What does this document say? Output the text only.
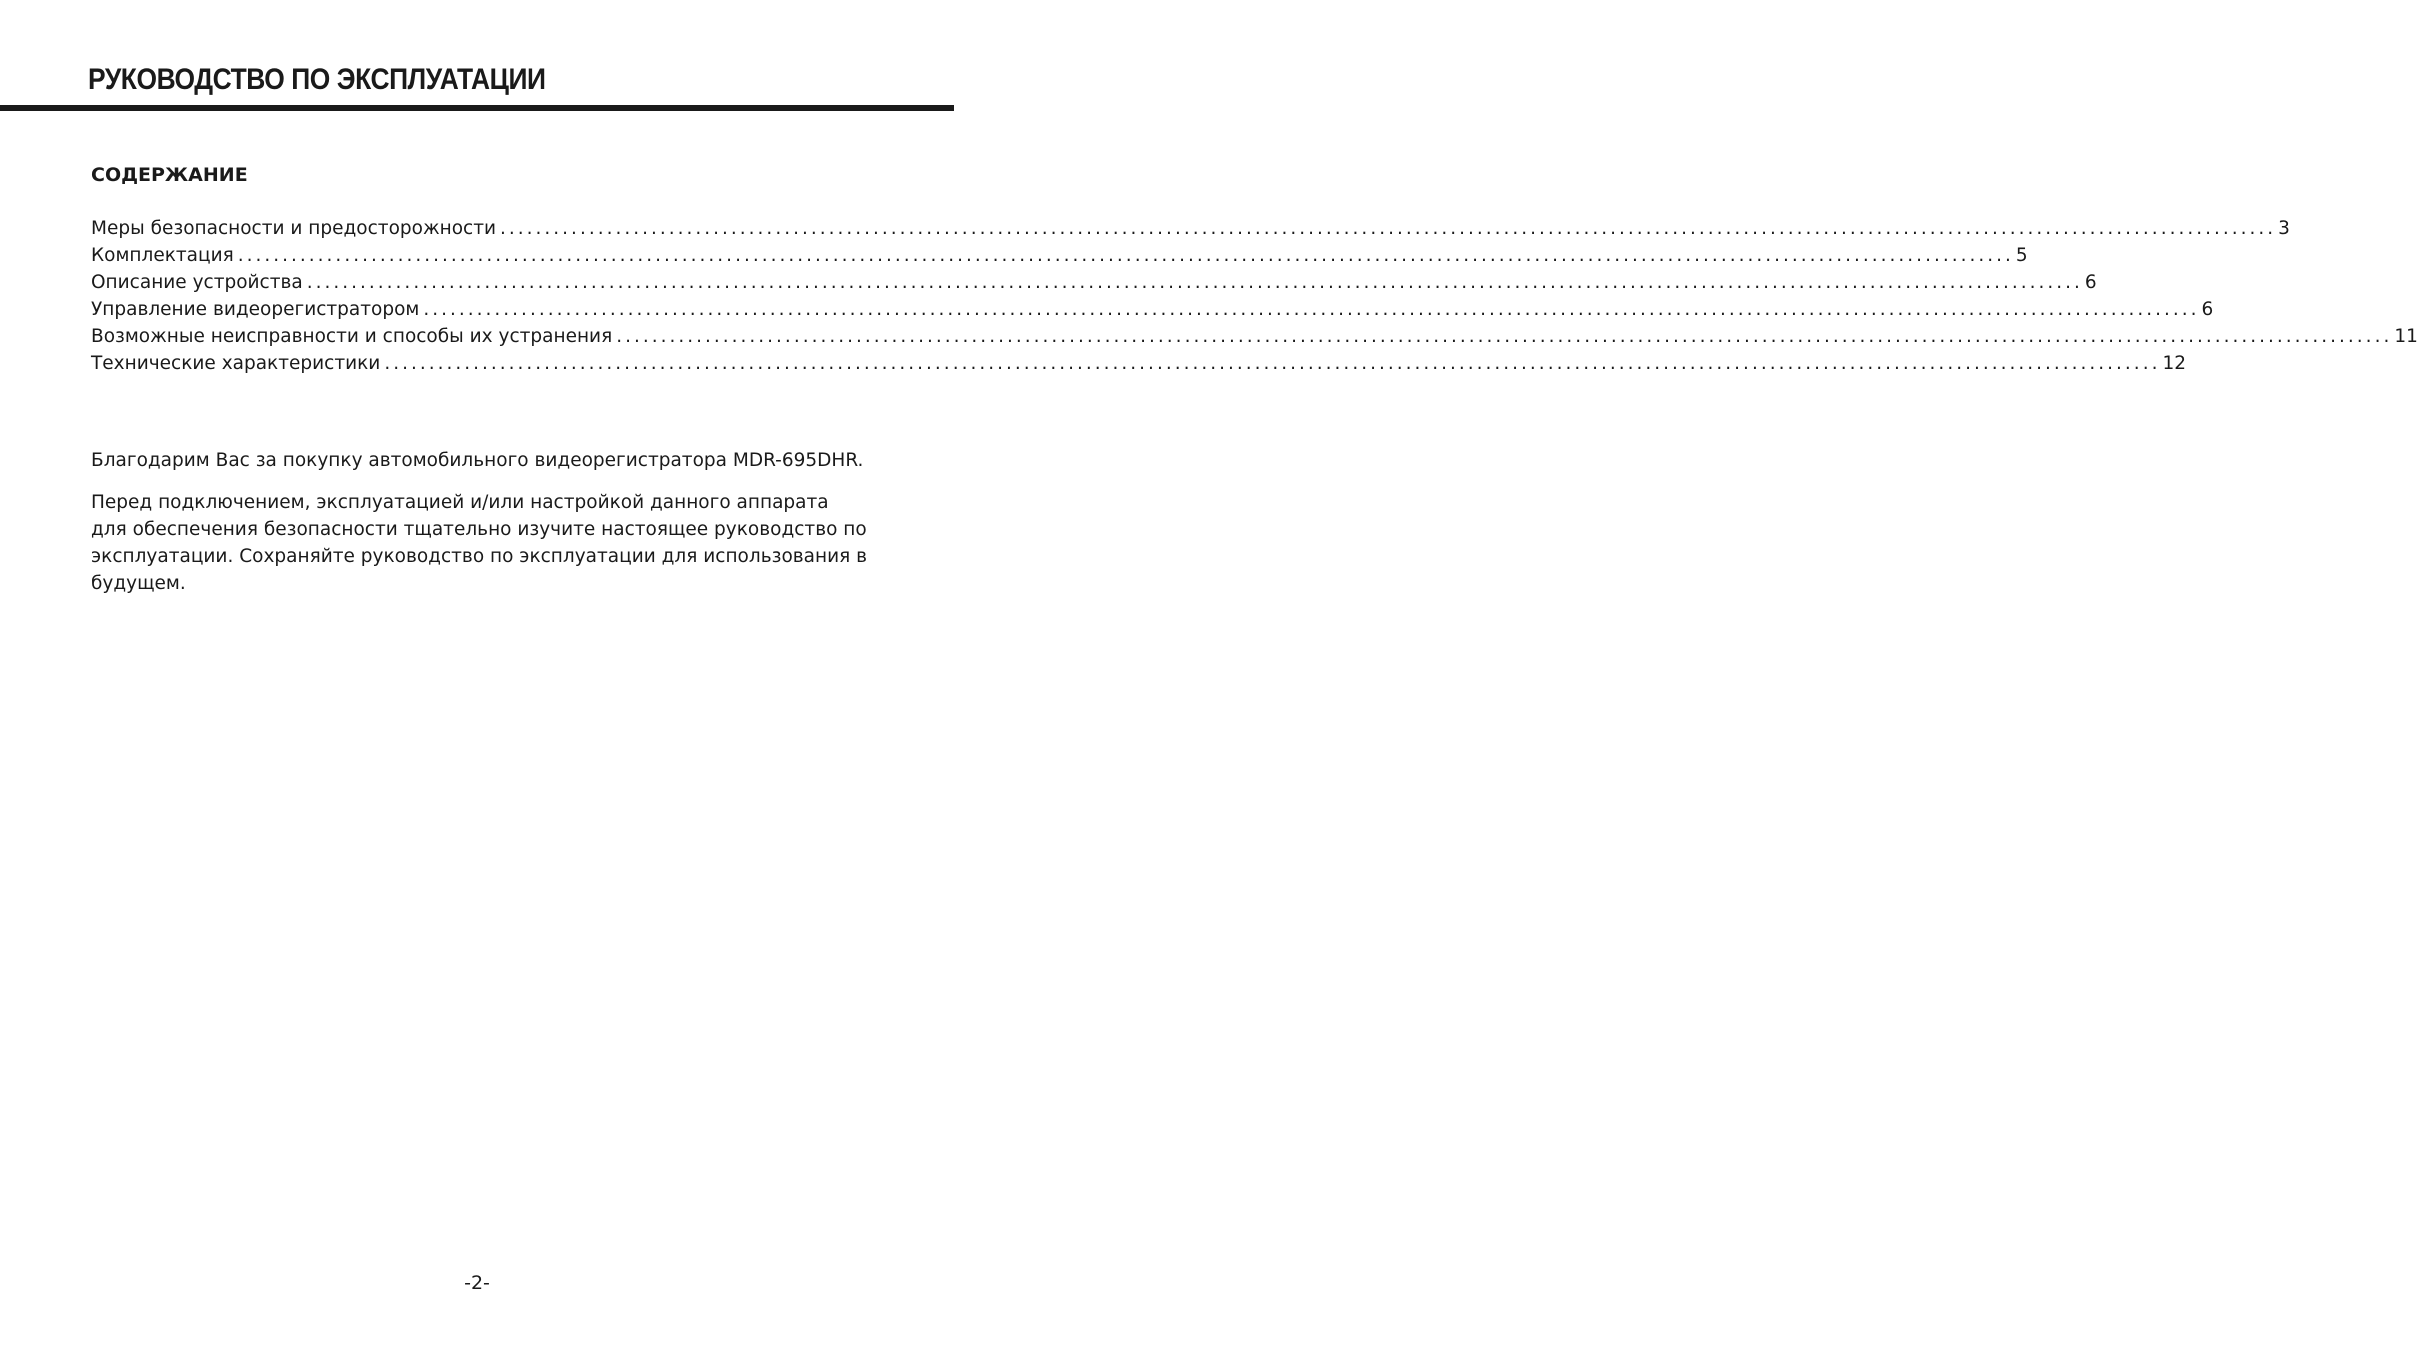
РУКОВОДСТВО ПО ЭКСПЛУАТАЦИИ
СОДЕРЖАНИЕ
Меры безопасности и предосторожности ........................................................................................................................................................................................................ 3
Комплектация ........................................................................................................................................................................................................ 5
Описание устройства ........................................................................................................................................................................................................ 6
Управление видеорегистратором ........................................................................................................................................................................................................ 6
Возможные неисправности и способы их устранения ........................................................................................................................................................................................................ 11
Технические характеристики ........................................................................................................................................................................................................ 12

Благодарим Вас за покупку автомобильного видеорегистратора MDR-695DHR.

Перед подключением, эксплуатацией и/или настройкой данного аппарата для обеспечения безопасности тщательно изучите настоящее руководство по эксплуатации. Сохраняйте руководство по эксплуатации для использования в будущем.

-2-
